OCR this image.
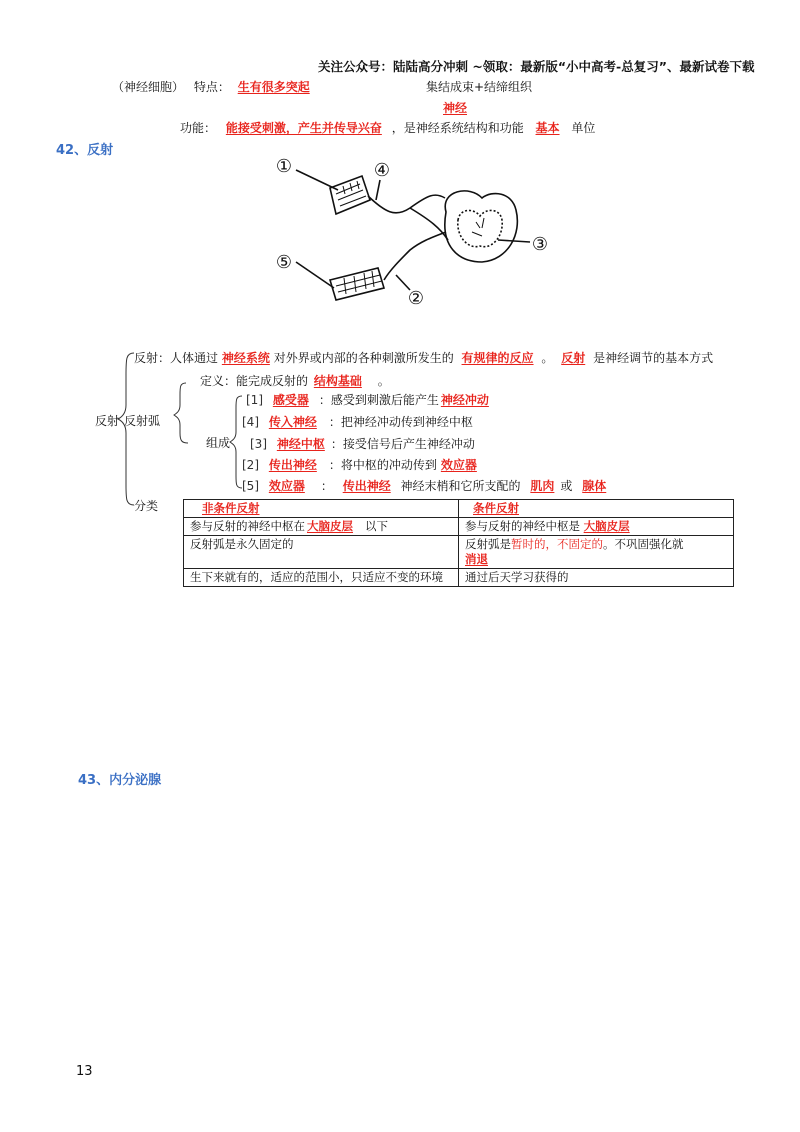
关注公众号：陆陆高分冲刺 ~领取：最新版“小中高考-总复习”、最新试卷下载
（神经细胞） 特点： 生有很多突起	集结成束+结缔组织
神经
功能： 能接受刺激，产生并传导兴奋 ，是神经系统结构和功能 基本 单位
42、反射
①	④
③
⑤
②
反射
反射：人体通过 神经系统 对外界或内部的各种刺激所发生的 有规律的反应 。 反射 是神经调节的基本方式
反射弧
定义：能完成反射的 结构基础 。
组成
[1] 感受器 ：感受到刺激后能产生 神经冲动
[4] 传入神经 ：把神经冲动传到神经中枢
[3] 神经中枢 ：接受信号后产生神经冲动
[2] 传出神经 ：将中枢的冲动传到 效应器
[5] 效应器 ： 传出神经 神经末梢和它所支配的 肌肉 或 腺体
分类	非条件反射	条件反射
参与反射的神经中枢在 大脑皮层 以下	参与反射的神经中枢是 大脑皮层
反射弧是永久固定的	反射弧是暂时的，不固定的。不巩固强化就
消退
生下来就有的，适应的范围小，只适应不变的环境	通过后天学习获得的
43、内分泌腺
13
